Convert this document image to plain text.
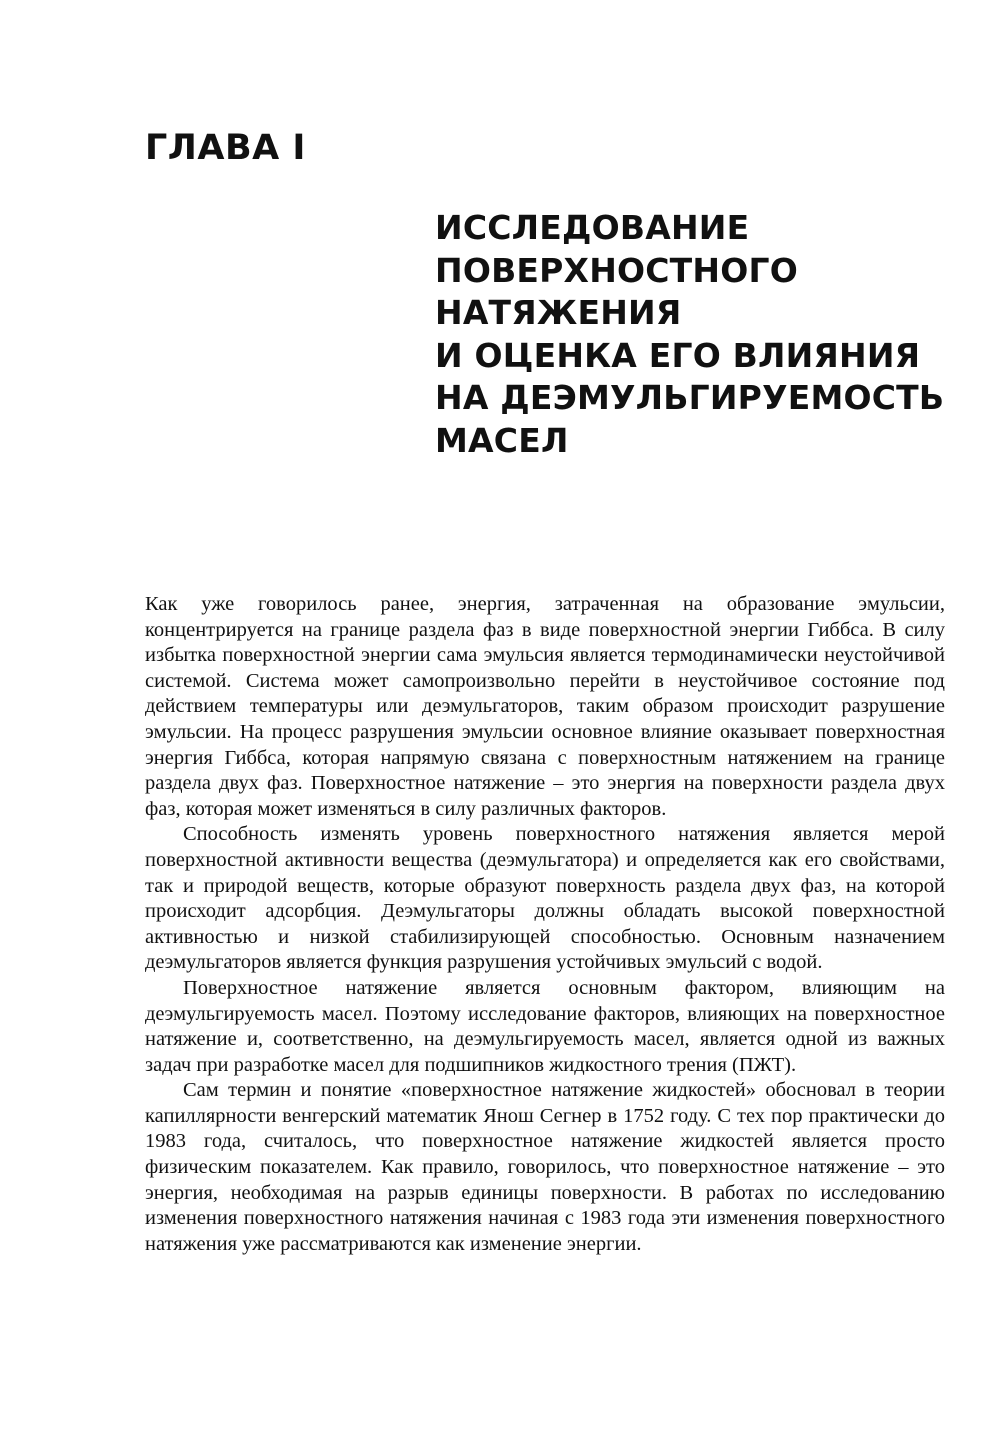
ГЛАВА I
ИССЛЕДОВАНИЕ
ПОВЕРХНОСТНОГО
НАТЯЖЕНИЯ
И ОЦЕНКА ЕГО ВЛИЯНИЯ
НА ДЕЭМУЛЬГИРУЕМОСТЬ
МАСЕЛ

Как уже говорилось ранее, энергия, затраченная на образование эмульсии, концентрируется на границе раздела фаз в виде поверхностной энергии Гиббса. В силу избытка поверхностной энергии сама эмульсия является термодинамически неустойчивой системой. Система может самопроизвольно перейти в неустойчивое состояние под действием температуры или деэмульгаторов, таким образом происходит разрушение эмульсии. На процесс разрушения эмульсии основное влияние оказывает поверхностная энергия Гиббса, которая напрямую связана с поверхностным натяжением на границе раздела двух фаз. Поверхностное натяжение – это энергия на поверхности раздела двух фаз, которая может изменяться в силу различных факторов.

Способность изменять уровень поверхностного натяжения является мерой поверхностной активности вещества (деэмульгатора) и определяется как его свойствами, так и природой веществ, которые образуют поверхность раздела двух фаз, на которой происходит адсорбция. Деэмульгаторы должны обладать высокой поверхностной активностью и низкой стабилизирующей способностью. Основным назначением деэмульгаторов является функция разрушения устойчивых эмульсий с водой.

Поверхностное натяжение является основным фактором, влияющим на деэмульгируемость масел. Поэтому исследование факторов, влияющих на поверхностное натяжение и, соответственно, на деэмульгируемость масел, является одной из важных задач при разработке масел для подшипников жидкостного трения (ПЖТ).

Сам термин и понятие «поверхностное натяжение жидкостей» обосновал в теории капиллярности венгерский математик Янош Сегнер в 1752 году. С тех пор практически до 1983 года, считалось, что поверхностное натяжение жидкостей является просто физическим показателем. Как правило, говорилось, что поверхностное натяжение – это энергия, необходимая на разрыв единицы поверхности. В работах по исследованию изменения поверхностного натяжения начиная с 1983 года эти изменения поверхностного натяжения уже рассматриваются как изменение энергии.
